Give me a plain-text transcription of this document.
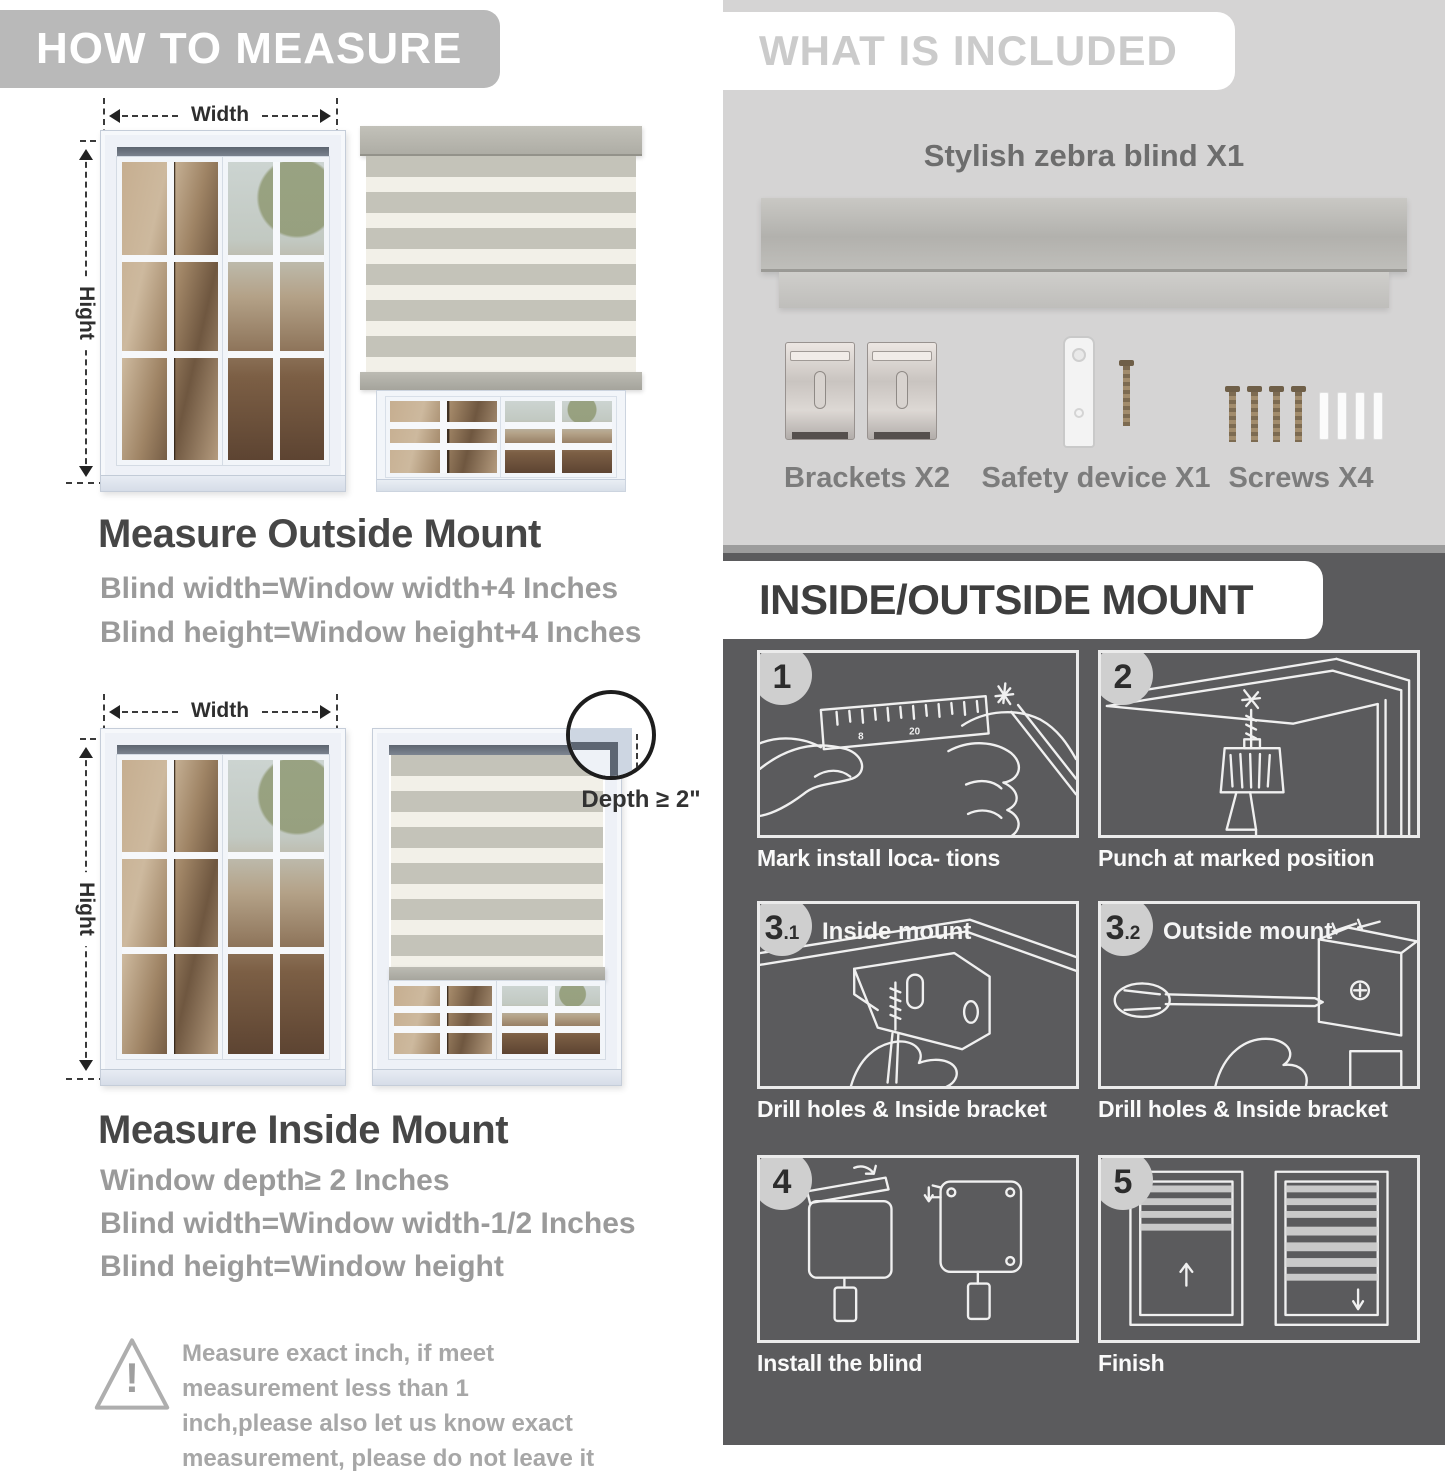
HOW TO MEASURE
Width
Hight
Measure Outside Mount
Blind width=Window width+4 Inches
Blind height=Window height+4 Inches
Width
Hight
Depth ≥ 2"
Measure Inside Mount
Window depth≥ 2 Inches
Blind width=Window width-1/2 Inches
Blind height=Window height
!
Measure exact inch, if meet measurement less than 1 inch,please also let us know exact measurement, please do not leave it
WHAT IS INCLUDED
Stylish zebra blind X1
Brackets X2	Safety device X1 Screws X4
INSIDE/OUTSIDE MOUNT
8	20
1
Mark install loca- tions
2
Punch at marked position
3.1 Inside mount
Drill holes & Inside bracket
3.2 Outside mount
Drill holes & Inside bracket
4
Install the blind
5
Finish
